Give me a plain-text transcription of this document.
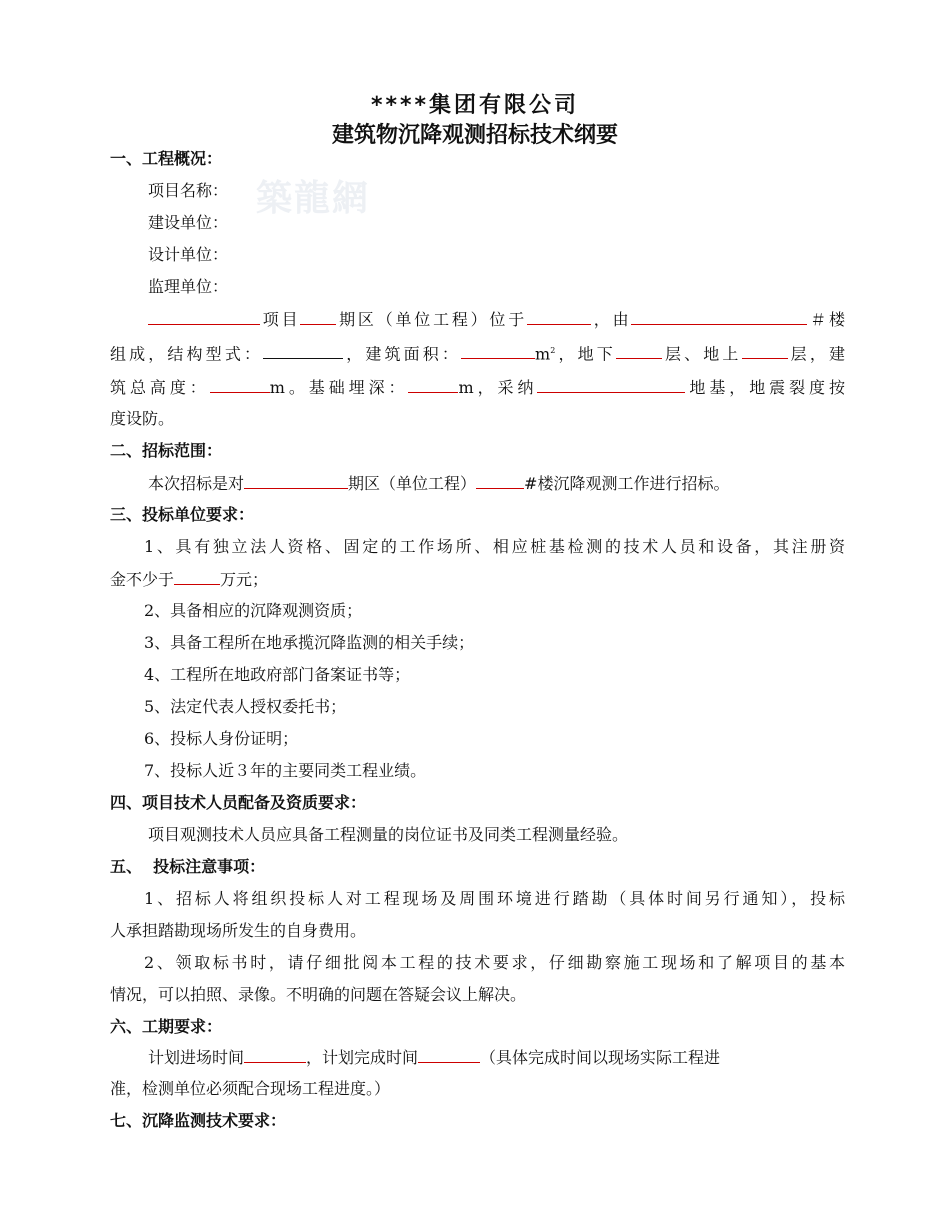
築龍網
****集团有限公司
建筑物沉降观测招标技术纲要
一、工程概况：
项目名称：
建设单位：
设计单位：
监理单位：
项目 期区（单位工程）位于	，由	＃楼
组成，结构型式：	，建筑面积：	$m^2$，地下	层、地上	层，建
筑总高度：	m。基础埋深：	m，采纳	地基，地震裂度按
度设防。
二、招标范围：
本次招标是对	期区（单位工程）	#楼沉降观测工作进行招标。
三、投标单位要求：
1、具有独立法人资格、固定的工作场所、相应桩基检测的技术人员和设备，其注册资
金不少于	万元；
2、具备相应的沉降观测资质；
3、具备工程所在地承揽沉降监测的相关手续；
4、工程所在地政府部门备案证书等；
5、法定代表人授权委托书；
6、投标人身份证明；
7、投标人近３年的主要同类工程业绩。
四、项目技术人员配备及资质要求：
项目观测技术人员应具备工程测量的岗位证书及同类工程测量经验。
五、  投标注意事项：
1、招标人将组织投标人对工程现场及周围环境进行踏勘（具体时间另行通知），投标
人承担踏勘现场所发生的自身费用。
2、领取标书时，请仔细批阅本工程的技术要求，仔细勘察施工现场和了解项目的基本
情况，可以拍照、录像。不明确的问题在答疑会议上解决。
六、工期要求：
计划进场时间	，计划完成时间	（具体完成时间以现场实际工程进
准，检测单位必须配合现场工程进度。）
七、沉降监测技术要求：
